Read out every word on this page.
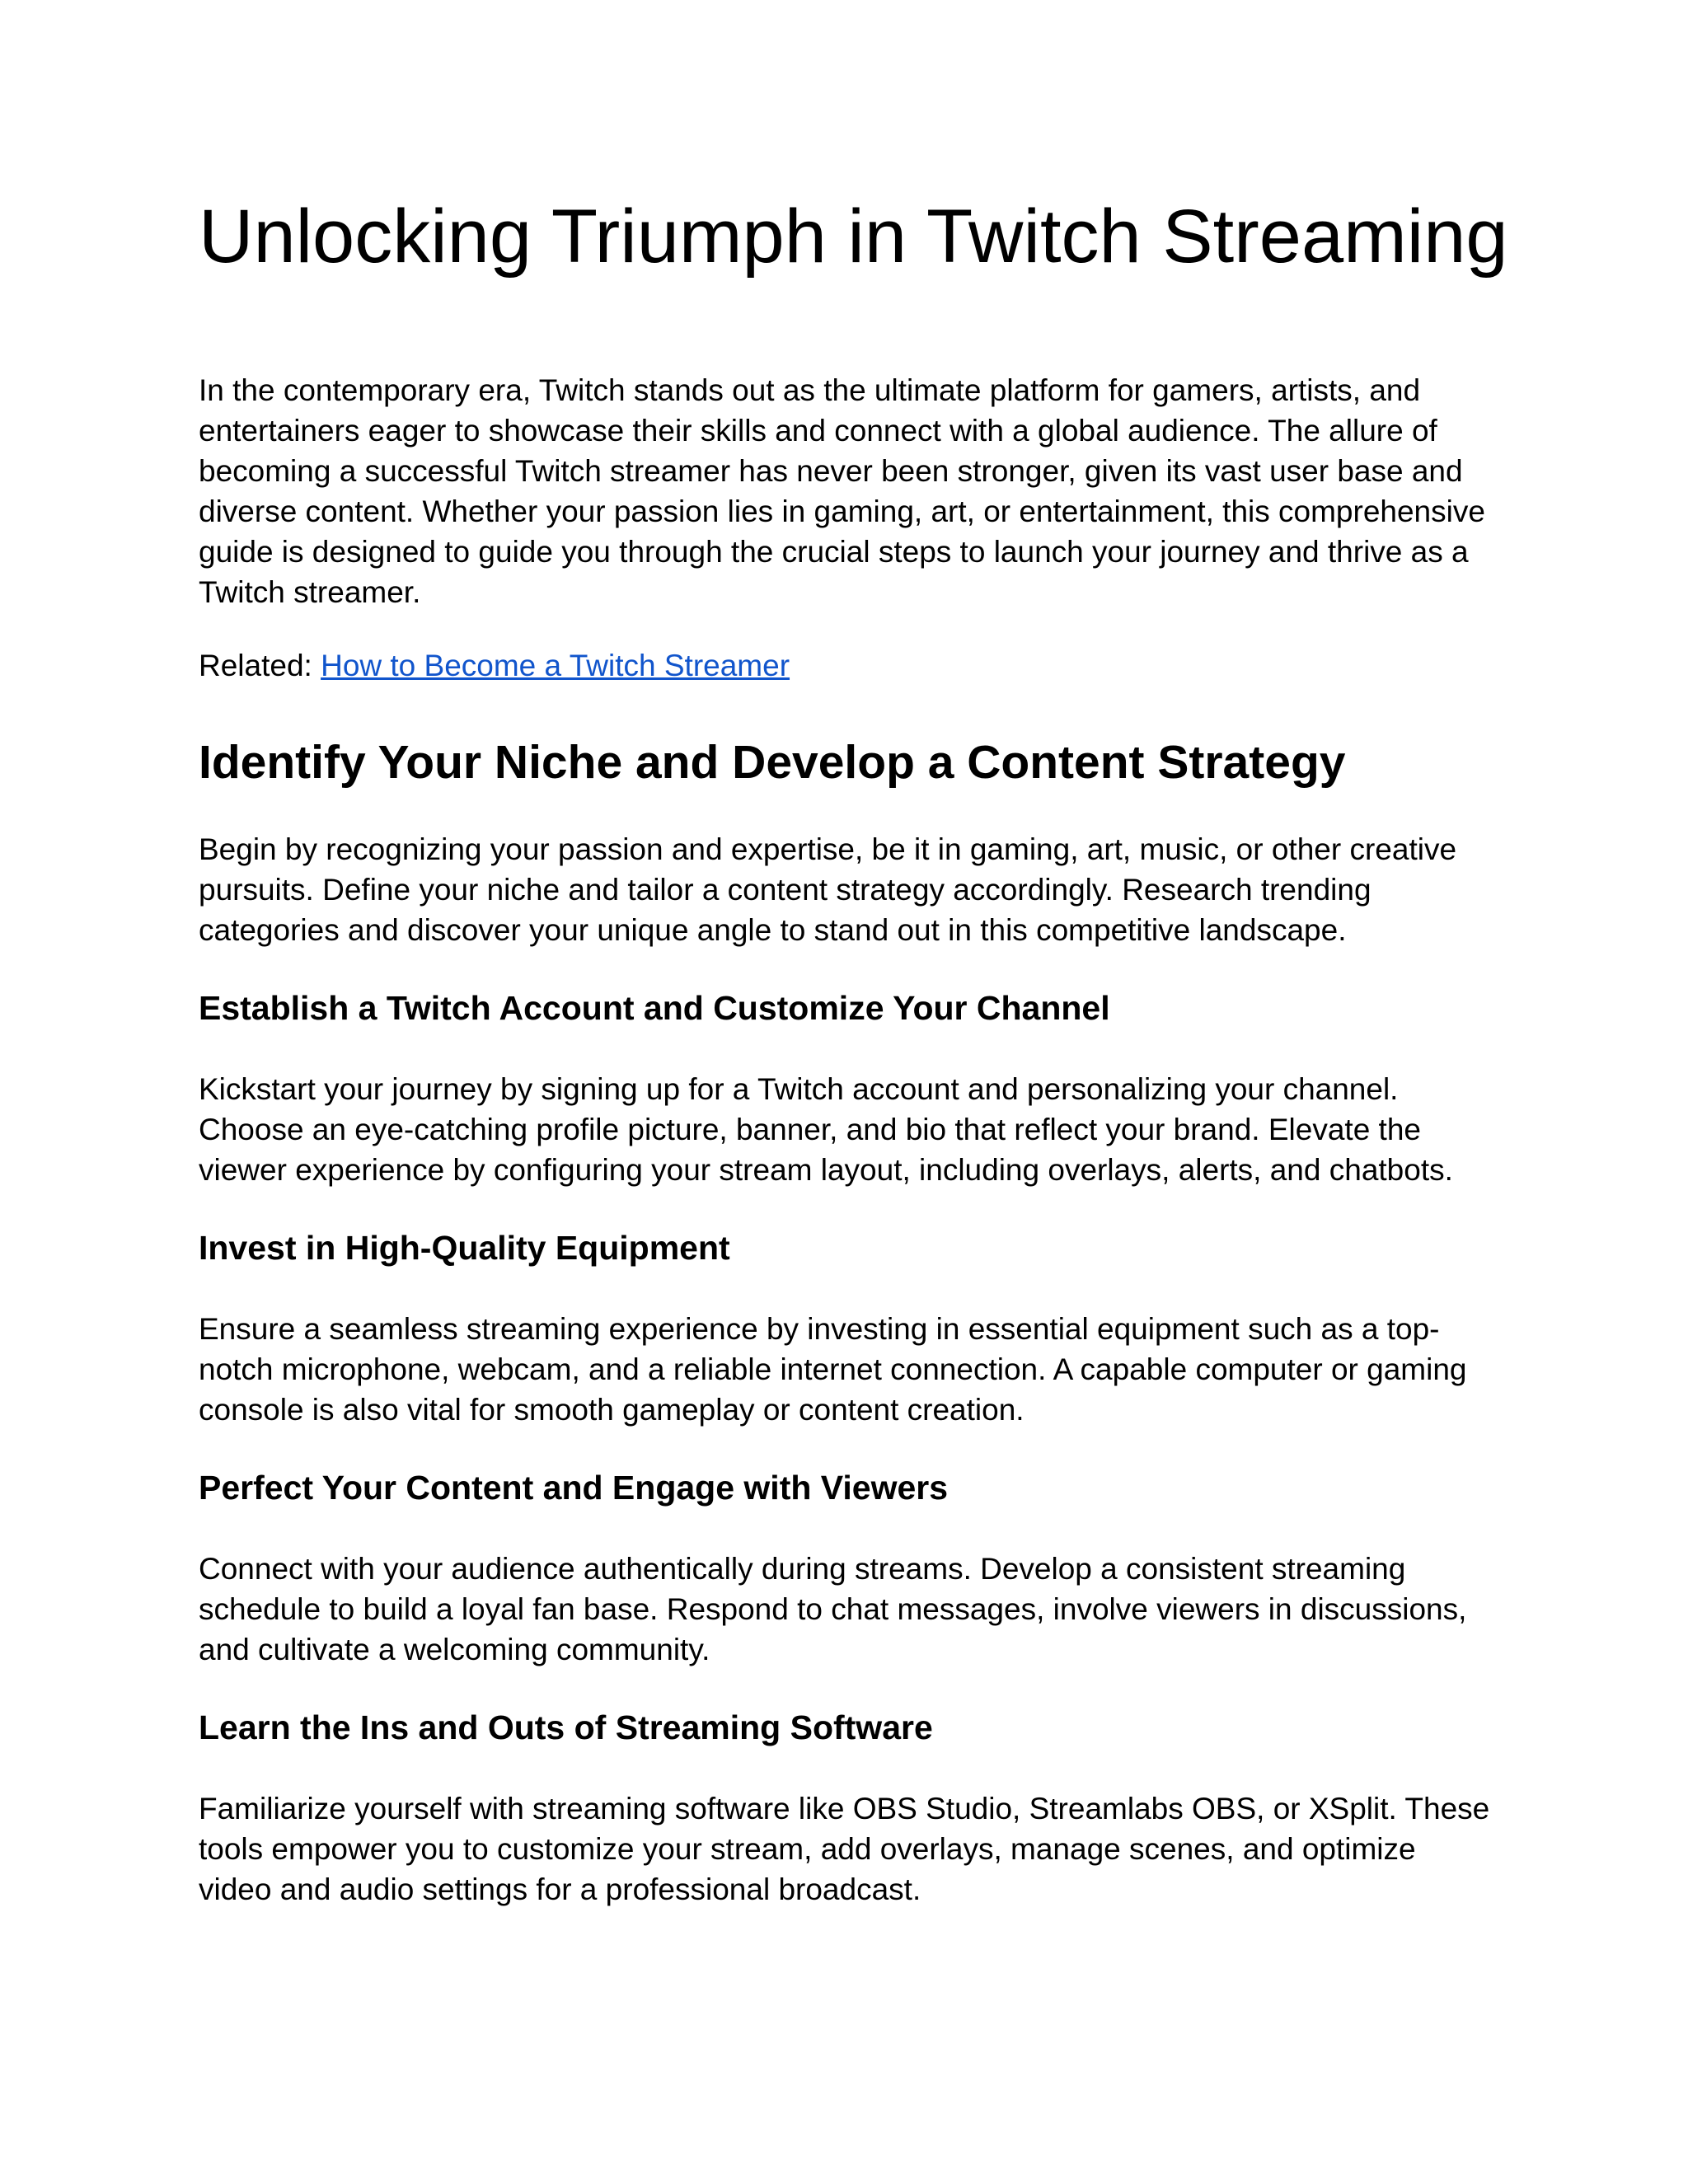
Unlocking Triumph in Twitch Streaming

In the contemporary era, Twitch stands out as the ultimate platform for gamers, artists, and entertainers eager to showcase their skills and connect with a global audience. The allure of becoming a successful Twitch streamer has never been stronger, given its vast user base and diverse content. Whether your passion lies in gaming, art, or entertainment, this comprehensive guide is designed to guide you through the crucial steps to launch your journey and thrive as a Twitch streamer.

Related: How to Become a Twitch Streamer

Identify Your Niche and Develop a Content Strategy

Begin by recognizing your passion and expertise, be it in gaming, art, music, or other creative pursuits. Define your niche and tailor a content strategy accordingly. Research trending categories and discover your unique angle to stand out in this competitive landscape.

Establish a Twitch Account and Customize Your Channel

Kickstart your journey by signing up for a Twitch account and personalizing your channel. Choose an eye-catching profile picture, banner, and bio that reflect your brand. Elevate the viewer experience by configuring your stream layout, including overlays, alerts, and chatbots.

Invest in High-Quality Equipment

Ensure a seamless streaming experience by investing in essential equipment such as a top-notch microphone, webcam, and a reliable internet connection. A capable computer or gaming console is also vital for smooth gameplay or content creation.

Perfect Your Content and Engage with Viewers

Connect with your audience authentically during streams. Develop a consistent streaming schedule to build a loyal fan base. Respond to chat messages, involve viewers in discussions, and cultivate a welcoming community.

Learn the Ins and Outs of Streaming Software

Familiarize yourself with streaming software like OBS Studio, Streamlabs OBS, or XSplit. These tools empower you to customize your stream, add overlays, manage scenes, and optimize video and audio settings for a professional broadcast.
